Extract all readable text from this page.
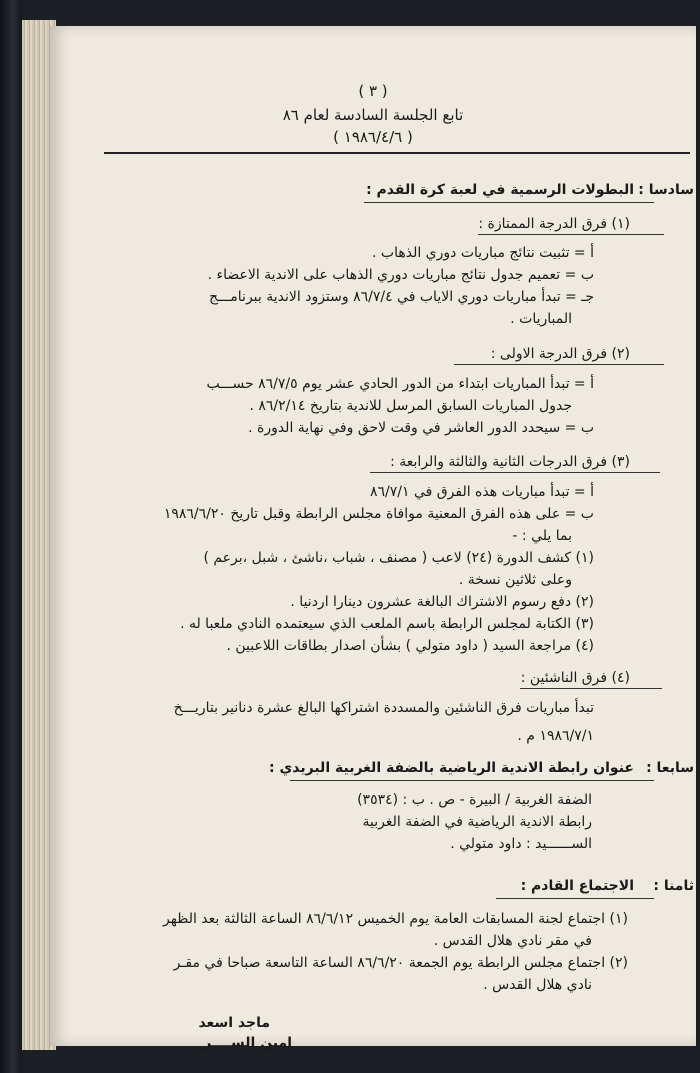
( ٣ )
تابع الجلسة السادسة لعام ٨٦
( ١٩٨٦/٤/٦ )
سادسا :
البطولات الرسمية في لعبة كرة القدم :
(١) فرق الدرجة الممتازة :
أ = تثبيت نتائج مباريات دوري الذهاب .
ب = تعميم جدول نتائج مباريات دوري الذهاب على الاندية الاعضاء .
جـ = تبدأ مباريات دوري الاياب في ٨٦/٧/٤ وستزود الاندية ببرنامـــج
المباريات .
(٢) فرق الدرجة الاولى :
أ = تبدأ المباريات ابتداء من الدور الحادي عشر يوم ٨٦/٧/٥ حســـب
جدول المباريات السابق المرسل للاندية بتاريخ ٨٦/٢/١٤ .
ب = سيحدد الدور العاشر في وقت لاحق وفي نهاية الدورة .
(٣) فرق الدرجات الثانية والثالثة والرابعة :
أ = تبدأ مباريات هذه الفرق في ٨٦/٧/١
ب = على هذه الفرق المعنية موافاة مجلس الرابطة وقبل تاريخ ١٩٨٦/٦/٢٠
بما يلي : -
(١) كشف الدورة (٢٤) لاعب ( مصنف ، شباب ،ناشئ ، شبل ،برعم )
وعلى ثلاثين نسخة .
(٢) دفع رسوم الاشتراك البالغة عشرون دينارا اردنيا .
(٣) الكتابة لمجلس الرابطة باسم الملعب الذي سيعتمده النادي ملعبا له .
(٤) مراجعة السيد ( داود متولي ) بشأن اصدار بطاقات اللاعبين .
(٤) فرق الناشئين :
تبدأ مباريات فرق الناشئين والمسددة اشتراكها البالغ عشرة دنانير بتاريـــخ
١٩٨٦/٧/١ م .
سابعا :
عنوان رابطة الاندية الرياضية بالضفة الغربية البريدي :
الضفة الغربية / البيرة - ص . ب : (٣٥٣٤)
رابطة الاندية الرياضية في الضفة الغربية
الســــــيد : داود متولي .
ثامنا :
الاجتماع القادم :
(١) اجتماع لجنة المسابقات العامة يوم الخميس ٨٦/٦/١٢ الساعة الثالثة بعد الظهر
في مقر نادي هلال القدس .
(٢) اجتماع مجلس الرابطة يوم الجمعة ٨٦/٦/٢٠ الساعة التاسعة صباحا في مقـر
نادي هلال القدس .
ماجد اسعد
امين الســــر
